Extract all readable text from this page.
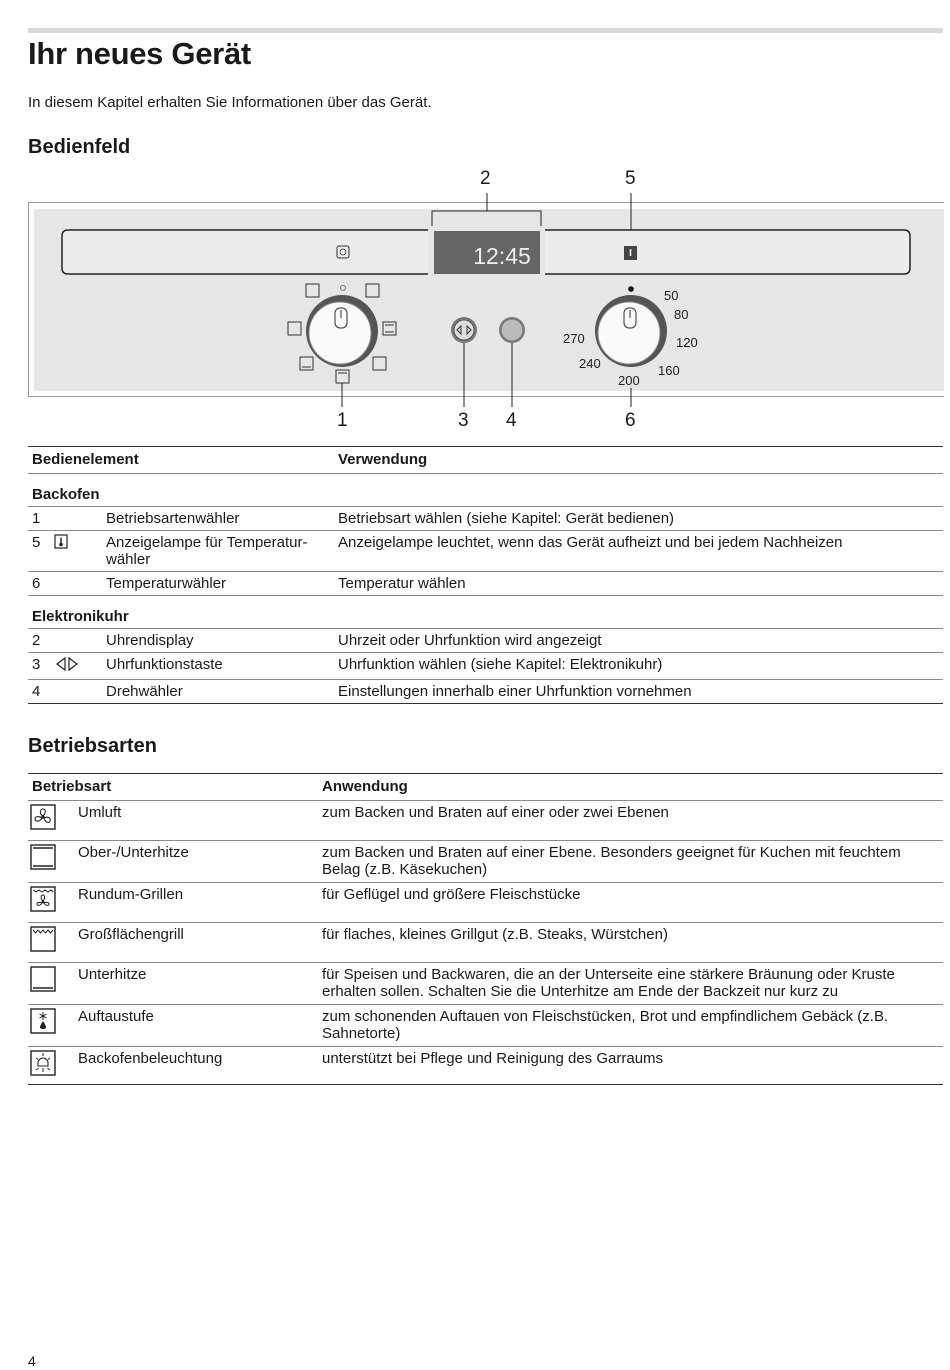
Ihr neues Gerät
In diesem Kapitel erhalten Sie Informationen über das Gerät.
Bedienfeld
2	5
12:45
50
80
120
160
200
240
270
1	3 4	6
Bedienelement			Verwendung
Backofen			
1		Betriebsartenwähler	Betriebsart wählen (siehe Kapitel: Gerät bedienen)
5		Anzeigelampe für Temperatur-wähler	Anzeigelampe leuchtet, wenn das Gerät aufheizt und bei jedem Nachheizen
6		Temperaturwähler	Temperatur wählen
Elektronikuhr			
2		Uhrendisplay	Uhrzeit oder Uhrfunktion wird angezeigt
3		Uhrfunktionstaste	Uhrfunktion wählen (siehe Kapitel: Elektronikuhr)
4		Drehwähler	Einstellungen innerhalb einer Uhrfunktion vornehmen
Betriebsarten
Betriebsart		Anwendung

	Umluft	zum Backen und Braten auf einer oder zwei Ebenen

	Ober-/Unterhitze	zum Backen und Braten auf einer Ebene. Besonders geeignet für Kuchen mit feuchtem Belag (z.B. Käsekuchen)

	Rundum-Grillen	für Geflügel und größere Fleischstücke

	Großflächengrill	für flaches, kleines Grillgut (z.B. Steaks, Würstchen)

	Unterhitze	für Speisen und Backwaren, die an der Unterseite eine stärkere Bräunung oder Kruste erhalten sollen. Schalten Sie die Unterhitze am Ende der Backzeit nur kurz zu

	Auftaustufe	zum schonenden Auftauen von Fleischstücken, Brot und empfindlichem Gebäck (z.B. Sahnetorte)

	Backofenbeleuchtung	unterstützt bei Pflege und Reinigung des Garraums
4
